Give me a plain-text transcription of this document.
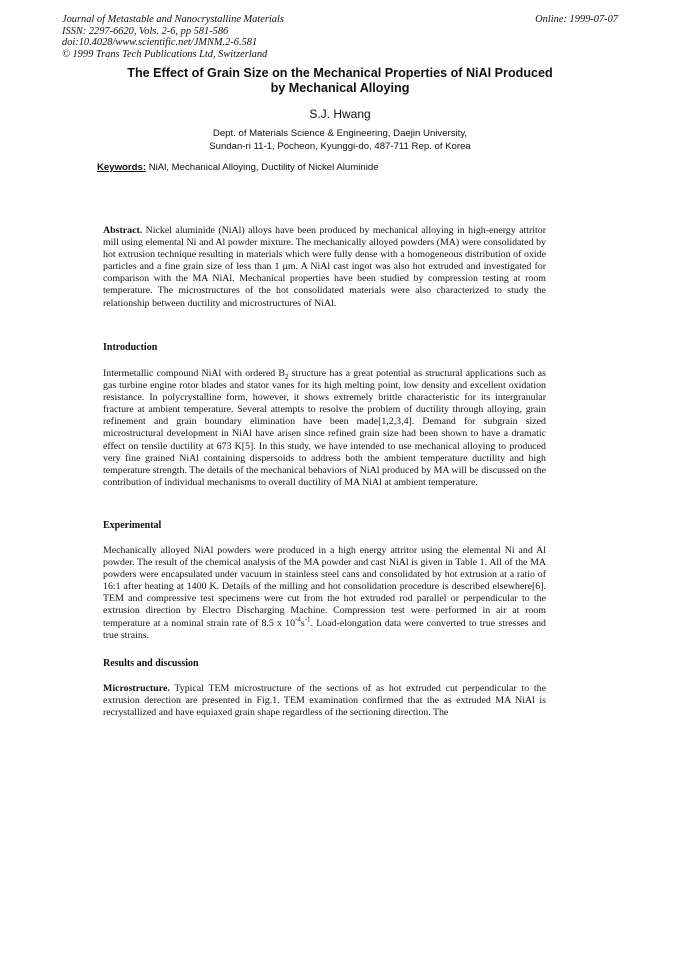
Journal of Metastable and Nanocrystalline Materials
ISSN: 2297-6620, Vols. 2-6, pp 581-586
doi:10.4028/www.scientific.net/JMNM.2-6.581
© 1999 Trans Tech Publications Ltd, Switzerland
Online: 1999-07-07
The Effect of Grain Size on the Mechanical Properties of NiAl Produced
by Mechanical Alloying
S.J. Hwang
Dept. of Materials Science & Engineering, Daejin University,
Sundan-ri 11-1, Pocheon, Kyunggi-do, 487-711 Rep. of Korea
Keywords: NiAl, Mechanical Alloying, Ductility of Nickel Aluminide

Abstract. Nickel aluminide (NiAl) alloys have been produced by mechanical alloying in high-energy attritor mill using elemental Ni and Al powder mixture. The mechanically alloyed powders (MA) were consolidated by hot extrusion technique resulting in materials which were fully dense with a homogeneous distribution of oxide particles and a fine grain size of less than 1 μm. A NiAl cast ingot was also hot extruded and investigated for comparison with the MA NiAl. Mechanical properties have been studied by compression testing at room temperature. The microstructures of the hot consolidated materials were also characterized to study the relationship between ductility and microstructures of NiAl.

Introduction

Intermetallic compound NiAl with ordered $B_2$ structure has a great potential as structural applications such as gas turbine engine rotor blades and stator vanes for its high melting point, low density and excellent oxidation resistance. In polycrystalline form, however, it shows extremely brittle characteristic for its intergranular fracture at ambient temperature. Several attempts to resolve the problem of ductility through alloying, grain refinement and grain boundary elimination have been made[1,2,3,4]. Demand for subgrain sized microstructural development in NiAl have arisen since refined grain size had been shown to have a dramatic effect on tensile ductility at 673 K[5]. In this study, we have intended to use mechanical alloying to produced very fine grained NiAl containing dispersoids to address both the ambient temperature ductility and high temperature strength. The details of the mechanical behaviors of NiAl produced by MA will be discussed on the contribution of individual mechanisms to overall ductility of MA NiAl at ambient temperature.

Experimental

Mechanically alloyed NiAl powders were produced in a high energy attritor using the elemental Ni and Al powder. The result of the chemical analysis of the MA powder and cast NiAl is given in Table 1. All of the MA powders were encapsulated under vacuum in stainless steel cans and consolidated by hot extrusion at a ratio of 16:1 after heating at 1400 K. Details of the milling and hot consolidation procedure is described elsewhere[6]. TEM and compressive test specimens were cut from the hot extruded rod parallel or perpendicular to the extrusion direction by Electro Discharging Machine. Compression test were performed in air at room temperature at a nominal strain rate of 8.5 x $10^{-4}s^{-1}$. Load-elongation data were converted to true stresses and true strains.

Results and discussion

Microstructure. Typical TEM microstructure of the sections of as hot extruded cut perpendicular to the extrusion derection are presented in Fig.1. TEM examination confirmed that the as extruded MA NiAl is recrystallized and have equiaxed grain shape regardless of the sectioning direction. The
